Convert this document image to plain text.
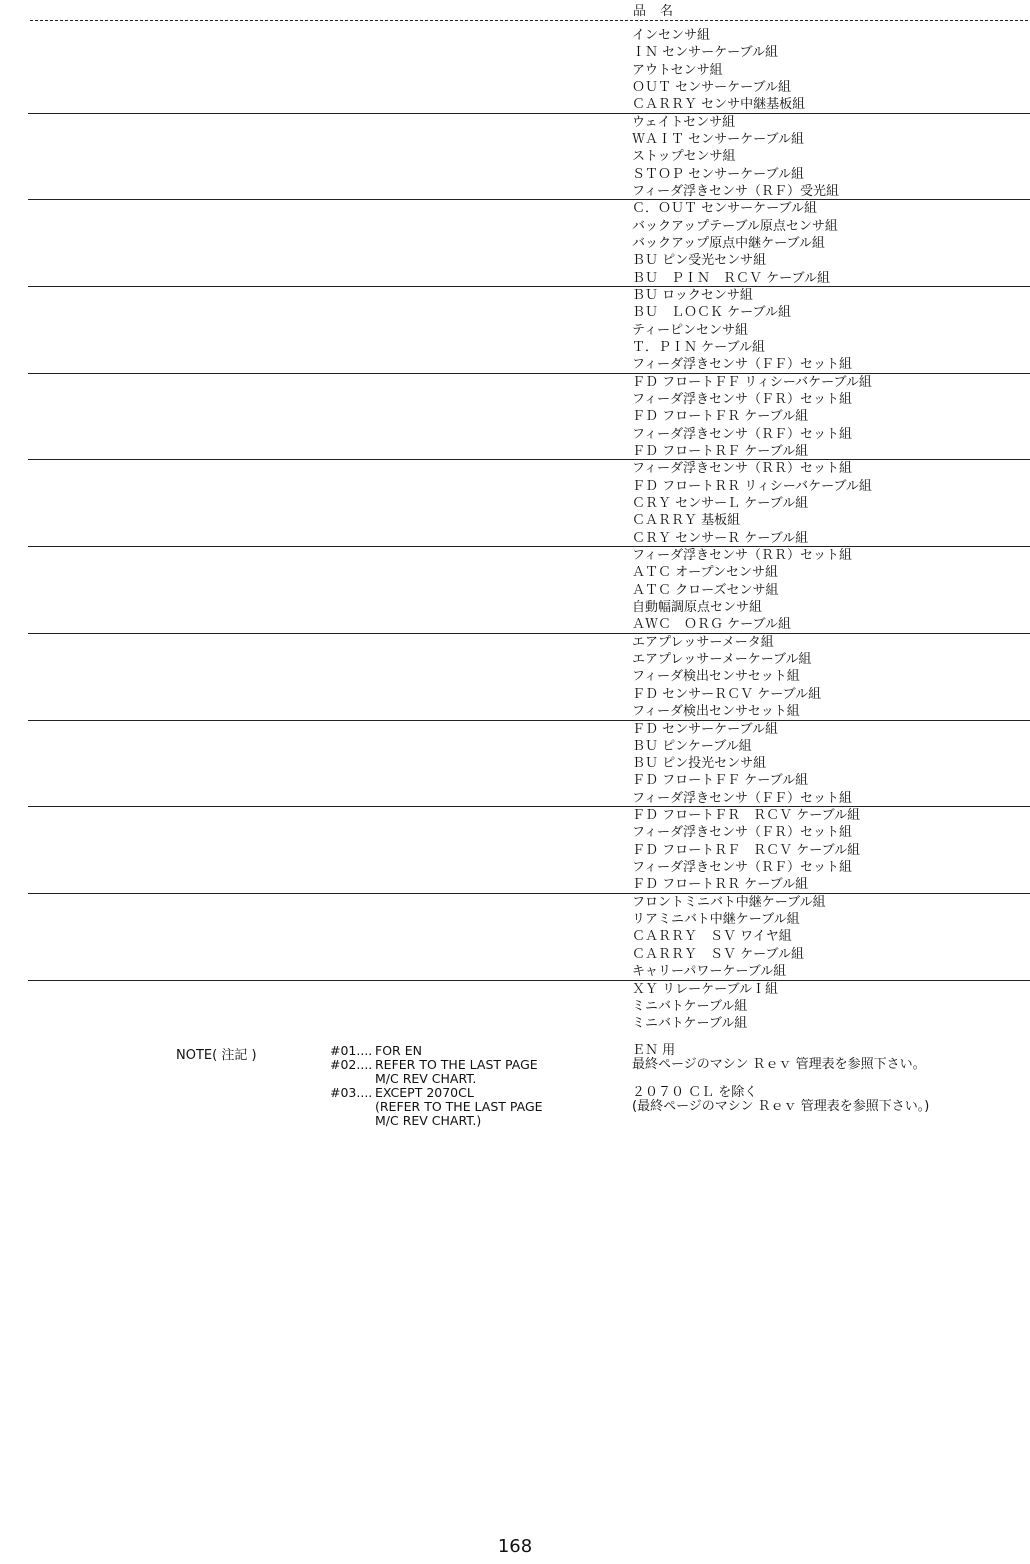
品　名
インセンサ組
ＩＮ センサーケーブル組
アウトセンサ組
ＯＵＴ センサーケーブル組
ＣＡＲＲＹ センサ中継基板組
ウェイトセンサ組
ＷＡＩＴ センサーケーブル組
ストップセンサ組
ＳＴＯＰ センサーケーブル組
フィーダ浮きセンサ（ＲＦ）受光組
Ｃ．ＯＵＴ センサーケーブル組
バックアップテーブル原点センサ組
バックアップ原点中継ケーブル組
ＢＵ ピン受光センサ組
ＢＵ　ＰＩＮ　ＲＣＶ ケーブル組
ＢＵ ロックセンサ組
ＢＵ　ＬＯＣＫ ケーブル組
ティーピンセンサ組
Ｔ．ＰＩＮ ケーブル組
フィーダ浮きセンサ（ＦＦ）セット組
ＦＤ フロートＦＦ リィシーバケーブル組
フィーダ浮きセンサ（ＦＲ）セット組
ＦＤ フロートＦＲ ケーブル組
フィーダ浮きセンサ（ＲＦ）セット組
ＦＤ フロートＲＦ ケーブル組
フィーダ浮きセンサ（ＲＲ）セット組
ＦＤ フロートＲＲ リィシーバケーブル組
ＣＲＹ センサーＬ ケーブル組
ＣＡＲＲＹ 基板組
ＣＲＹ センサーＲ ケーブル組
フィーダ浮きセンサ（ＲＲ）セット組
ＡＴＣ オープンセンサ組
ＡＴＣ クローズセンサ組
自動幅調原点センサ組
ＡＷＣ　ＯＲＧ ケーブル組
エアプレッサーメータ組
エアプレッサーメーケーブル組
フィーダ検出センサセット組
ＦＤ センサーＲＣＶ ケーブル組
フィーダ検出センサセット組
ＦＤ センサーケーブル組
ＢＵ ピンケーブル組
ＢＵ ピン投光センサ組
ＦＤ フロートＦＦ ケーブル組
フィーダ浮きセンサ（ＦＦ）セット組
ＦＤ フロートＦＲ　ＲＣＶ ケーブル組
フィーダ浮きセンサ（ＦＲ）セット組
ＦＤ フロートＲＦ　ＲＣＶ ケーブル組
フィーダ浮きセンサ（ＲＦ）セット組
ＦＤ フロートＲＲ ケーブル組
フロントミニバト中継ケーブル組
リアミニバト中継ケーブル組
ＣＡＲＲＹ　ＳＶ ワイヤ組
ＣＡＲＲＹ　ＳＶ ケーブル組
キャリーパワーケーブル組
ＸＹ リレーケーブルＩ組
ミニバトケーブル組
ミニバトケーブル組
NOTE( 注記 )	#01.... FOR EN	ＥＮ 用
#02.... REFER TO THE LAST PAGE
M/C REV CHART.
最終ページのマシン Ｒｅｖ 管理表を参照下さい。
#03.... EXCEPT 2070CL
(REFER TO THE LAST PAGE
M/C REV CHART.)

２０７０ ＣＬ を除く
(最終ページのマシン Ｒｅｖ 管理表を参照下さい。)
168
